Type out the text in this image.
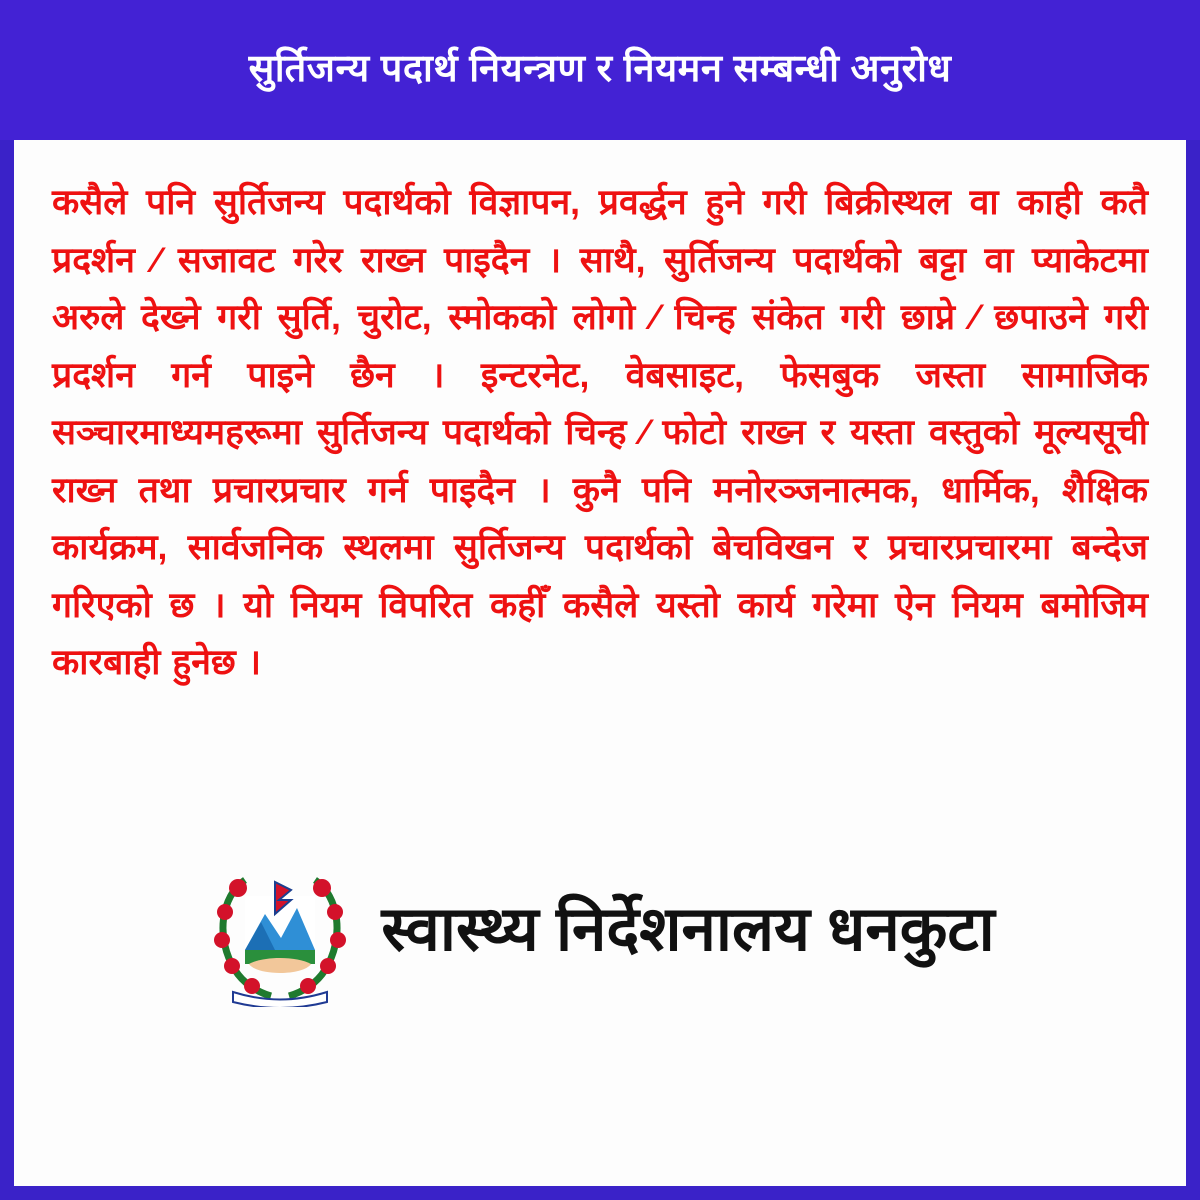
सुर्तिजन्य पदार्थ नियन्त्रण र नियमन सम्बन्धी अनुरोध
कसैले पनि सुर्तिजन्य पदार्थको विज्ञापन, प्रवर्द्धन हुने गरी बिक्रीस्थल वा काही कतै प्रदर्शन ⁄ सजावट गरेर राख्न पाइदैन । साथै, सुर्तिजन्य पदार्थको बट्टा वा प्याकेटमा अरुले देख्ने गरी सुर्ति, चुरोट, स्मोकको लोगो ⁄ चिन्ह संकेत गरी छाप्ने ⁄ छपाउने गरी प्रदर्शन गर्न पाइने छैन । इन्टरनेट, वेबसाइट, फेसबुक जस्ता सामाजिक सञ्चारमाध्यमहरूमा सुर्तिजन्य पदार्थको चिन्ह ⁄ फोटो राख्न र यस्ता वस्तुको मूल्यसूची राख्न तथा प्रचारप्रचार गर्न पाइदैन । कुनै पनि मनोरञ्जनात्मक, धार्मिक, शैक्षिक कार्यक्रम, सार्वजनिक स्थलमा सुर्तिजन्य पदार्थको बेचविखन र प्रचारप्रचारमा बन्देज गरिएको छ । यो नियम विपरित कहीँ कसैले यस्तो कार्य गरेमा ऐन नियम बमोजिम कारबाही हुनेछ ।
स्वास्थ्य निर्देशनालय धनकुटा
